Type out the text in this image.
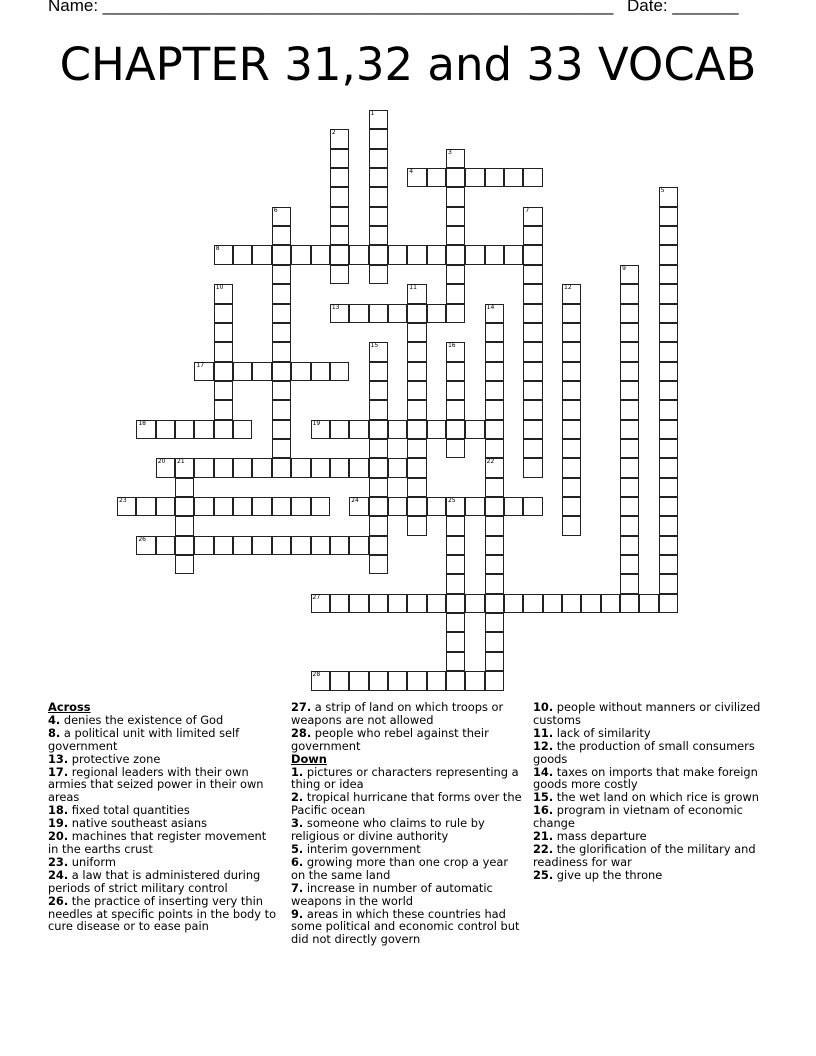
Name: ______________________________________________________ Date: _______
CHAPTER 31,32 and 33 VOCAB
1
2
3
4
5
6	7
8
9
10	11	12
13	14
15	16
17
18	19
20 21	22
23	24	25
26
27
28
Across
4. denies the existence of God
8. a political unit with limited self government
13. protective zone
17. regional leaders with their own armies that seized power in their own areas
18. fixed total quantities
19. native southeast asians
20. machines that register movement in the earths crust
23. uniform
24. a law that is administered during periods of strict military control
26. the practice of inserting very thin needles at specific points in the body to cure disease or to ease pain
27. a strip of land on which troops or weapons are not allowed
28. people who rebel against their government
Down
1. pictures or characters representing a thing or idea
2. tropical hurricane that forms over the Pacific ocean
3. someone who claims to rule by religious or divine authority
5. interim government
6. growing more than one crop a year on the same land
7. increase in number of automatic weapons in the world
9. areas in which these countries had some political and economic control but did not directly govern
10. people without manners or civilized customs
11. lack of similarity
12. the production of small consumers goods
14. taxes on imports that make foreign goods more costly
15. the wet land on which rice is grown
16. program in vietnam of economic change
21. mass departure
22. the glorification of the military and readiness for war
25. give up the throne
